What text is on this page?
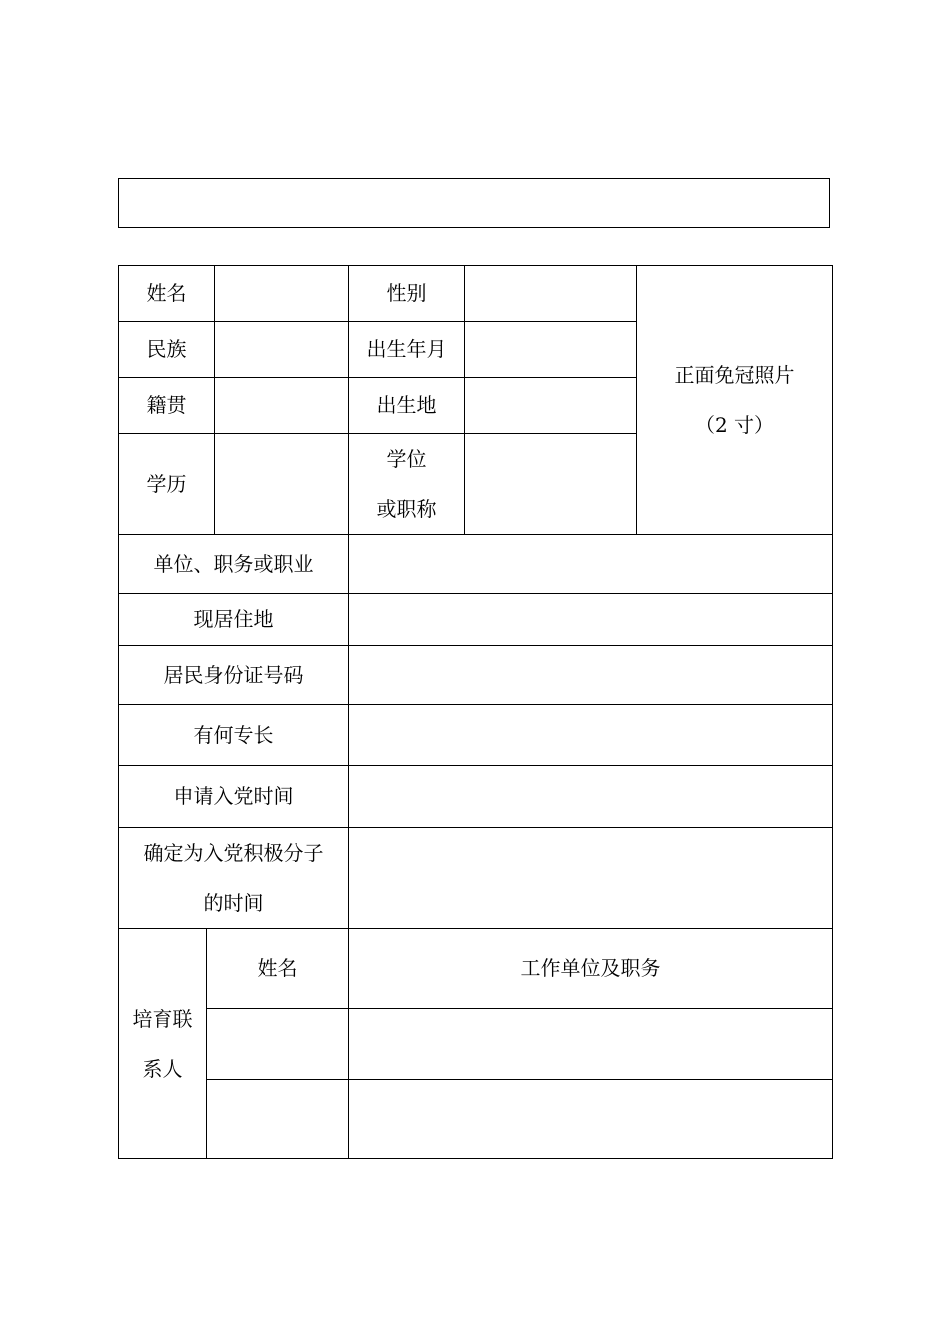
姓名			性别		正面免冠照片
（2 寸）

民族			出生年月		
籍贯			出生地		
学历			学位
或职称		

单位、职务或职业					
现居住地					
居民身份证号码					
有何专长					
申请入党时间					

确定为入党积极分子
的时间					

培育联
系人	姓名		工作单位及职务		
